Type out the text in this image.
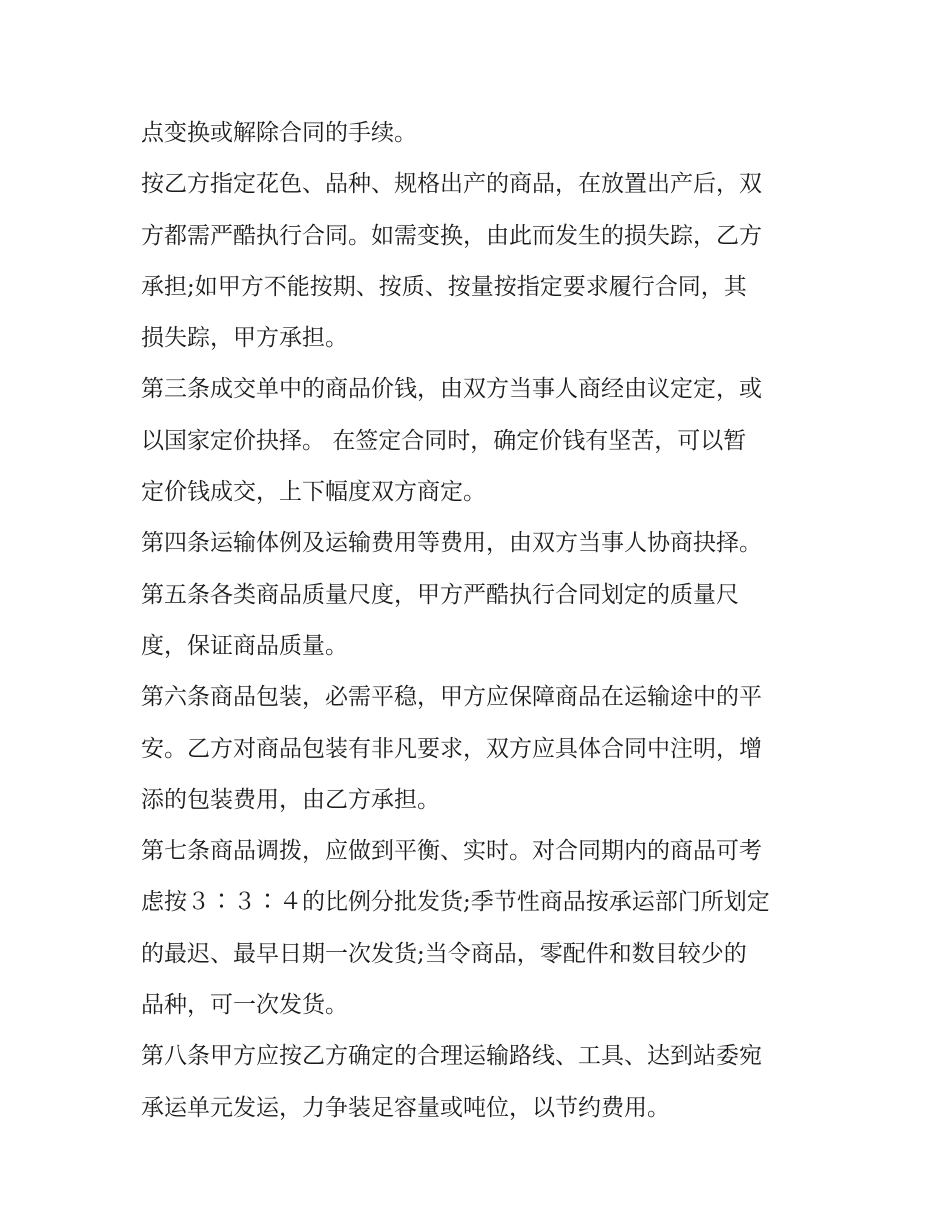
点变换或解除合同的手续。
按乙方指定花色、品种、规格出产的商品，在放置出产后，双
方都需严酷执行合同。如需变换，由此而发生的损失踪，乙方
承担;如甲方不能按期、按质、按量按指定要求履行合同，其
损失踪，甲方承担。
第三条成交单中的商品价钱，由双方当事人商经由议定定，或
以国家定价抉择。 在签定合同时，确定价钱有坚苦，可以暂
定价钱成交，上下幅度双方商定。
第四条运输体例及运输费用等费用，由双方当事人协商抉择。
第五条各类商品质量尺度，甲方严酷执行合同划定的质量尺
度，保证商品质量。
第六条商品包装，必需平稳，甲方应保障商品在运输途中的平
安。乙方对商品包装有非凡要求，双方应具体合同中注明，增
添的包装费用，由乙方承担。
第七条商品调拨，应做到平衡、实时。对合同期内的商品可考
虑按３∶３∶４的比例分批发货;季节性商品按承运部门所划定
的最迟、最早日期一次发货;当令商品，零配件和数目较少的
品种，可一次发货。
第八条甲方应按乙方确定的合理运输路线、工具、达到站委宛
承运单元发运，力争装足容量或吨位，以节约费用。
